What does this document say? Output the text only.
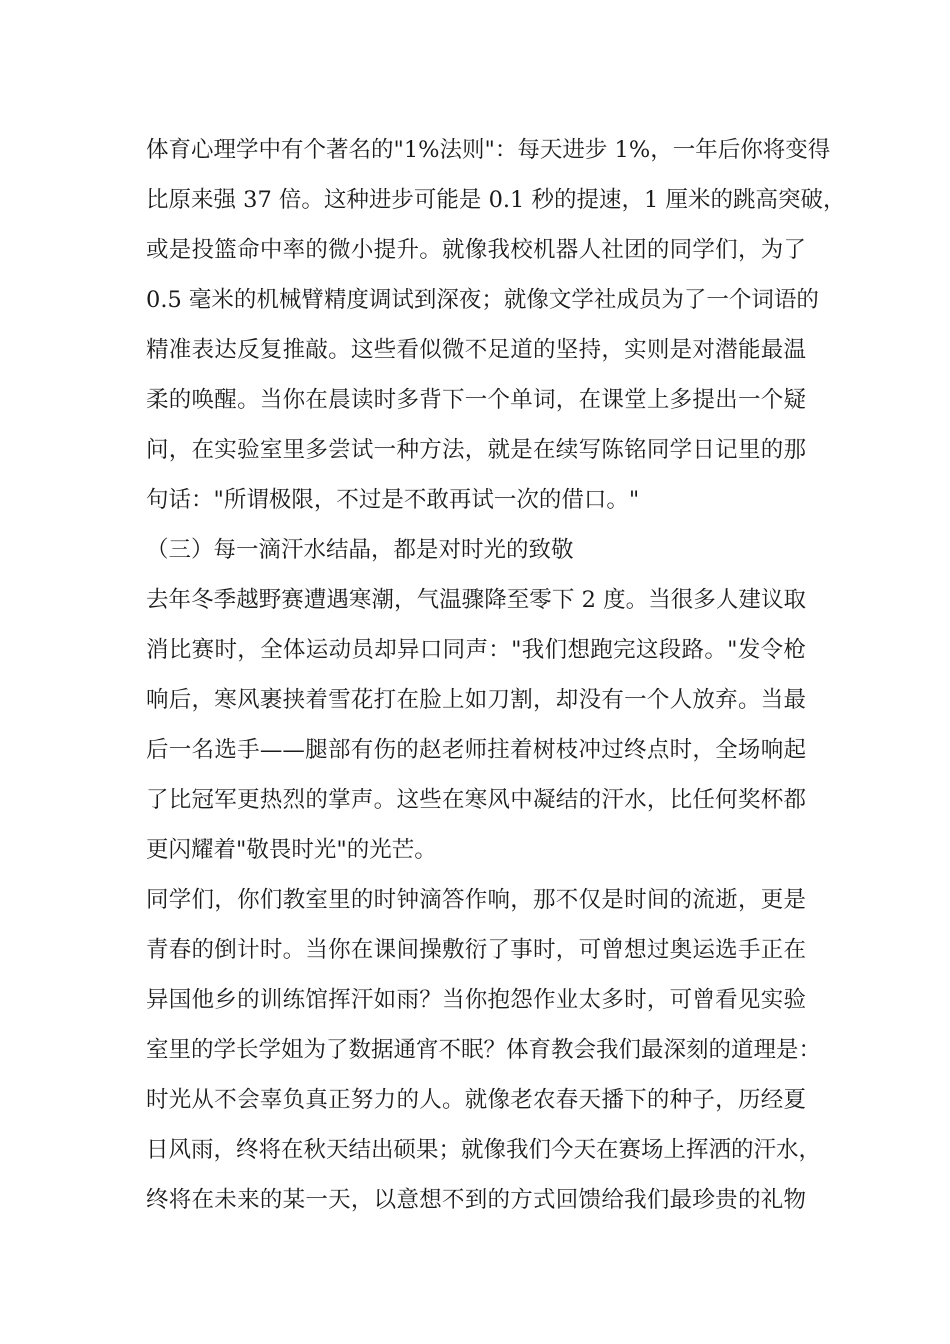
体育心理学中有个著名的"1%法则"：每天进步 1%，一年后你将变得
比原来强 37 倍。这种进步可能是 0.1 秒的提速，1 厘米的跳高突破，
或是投篮命中率的微小提升。就像我校机器人社团的同学们，为了
0.5 毫米的机械臂精度调试到深夜；就像文学社成员为了一个词语的
精准表达反复推敲。这些看似微不足道的坚持，实则是对潜能最温
柔的唤醒。当你在晨读时多背下一个单词，在课堂上多提出一个疑
问，在实验室里多尝试一种方法，就是在续写陈铭同学日记里的那
句话："所谓极限，不过是不敢再试一次的借口。"
（三）每一滴汗水结晶，都是对时光的致敬
去年冬季越野赛遭遇寒潮，气温骤降至零下 2 度。当很多人建议取
消比赛时，全体运动员却异口同声："我们想跑完这段路。"发令枪
响后，寒风裹挟着雪花打在脸上如刀割，却没有一个人放弃。当最
后一名选手——腿部有伤的赵老师拄着树枝冲过终点时，全场响起
了比冠军更热烈的掌声。这些在寒风中凝结的汗水，比任何奖杯都
更闪耀着"敬畏时光"的光芒。
同学们，你们教室里的时钟滴答作响，那不仅是时间的流逝，更是
青春的倒计时。当你在课间操敷衍了事时，可曾想过奥运选手正在
异国他乡的训练馆挥汗如雨？当你抱怨作业太多时，可曾看见实验
室里的学长学姐为了数据通宵不眠？体育教会我们最深刻的道理是：
时光从不会辜负真正努力的人。就像老农春天播下的种子，历经夏
日风雨，终将在秋天结出硕果；就像我们今天在赛场上挥洒的汗水，
终将在未来的某一天，以意想不到的方式回馈给我们最珍贵的礼物
